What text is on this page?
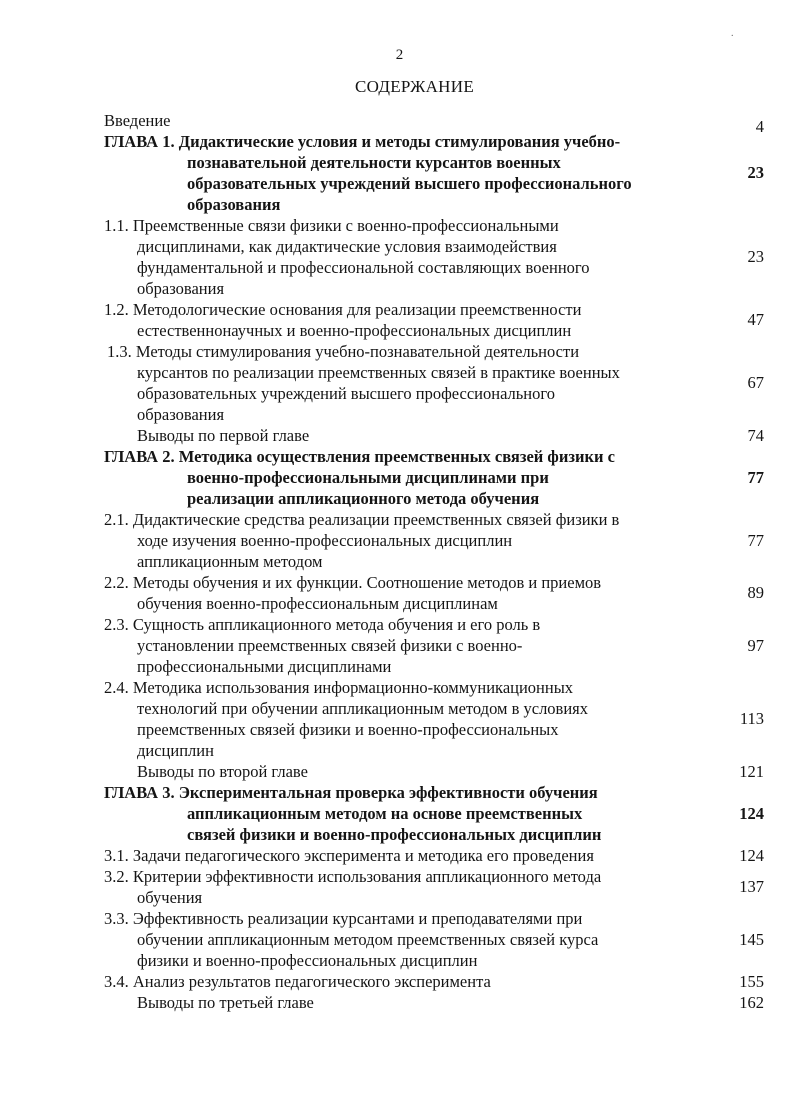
.
2
СОДЕРЖАНИЕ
Введение	4
ГЛАВА 1. Дидактические условия и методы стимулирования учебно-
познавательной деятельности курсантов военных
образовательных учреждений высшего профессионального
образования
23
1.1. Преемственные связи физики с военно-профессиональными
дисциплинами, как дидактические условия взаимодействия
фундаментальной и профессиональной составляющих военного
образования
23
1.2. Методологические основания для реализации преемственности
естественнонаучных и военно-профессиональных дисциплин
47
1.3. Методы стимулирования учебно-познавательной деятельности
курсантов по реализации преемственных связей в практике военных
образовательных учреждений высшего профессионального
образования
67
Выводы по первой главе	74
ГЛАВА 2. Методика осуществления преемственных связей физики с
военно-профессиональными дисциплинами при
реализации аппликационного метода обучения
77
2.1. Дидактические средства реализации преемственных связей физики в
ходе изучения военно-профессиональных дисциплин
аппликационным методом
77
2.2. Методы обучения и их функции. Соотношение методов и приемов
обучения военно-профессиональным дисциплинам
89
2.3. Сущность аппликационного метода обучения и его роль в
установлении преемственных связей физики с военно-
профессиональными дисциплинами
97
2.4. Методика использования информационно-коммуникационных
технологий при обучении аппликационным методом в условиях
преемственных связей физики и военно-профессиональных
дисциплин
113
Выводы по второй главе	121
ГЛАВА 3. Экспериментальная проверка эффективности обучения
аппликационным методом на основе преемственных
связей физики и военно-профессиональных дисциплин
124
3.1. Задачи педагогического эксперимента и методика его проведения	124
3.2. Критерии эффективности использования аппликационного метода
обучения
137
3.3. Эффективность реализации курсантами и преподавателями при
обучении аппликационным методом преемственных связей курса
физики и военно-профессиональных дисциплин
145
3.4. Анализ результатов педагогического эксперимента	155
Выводы по третьей главе	162
